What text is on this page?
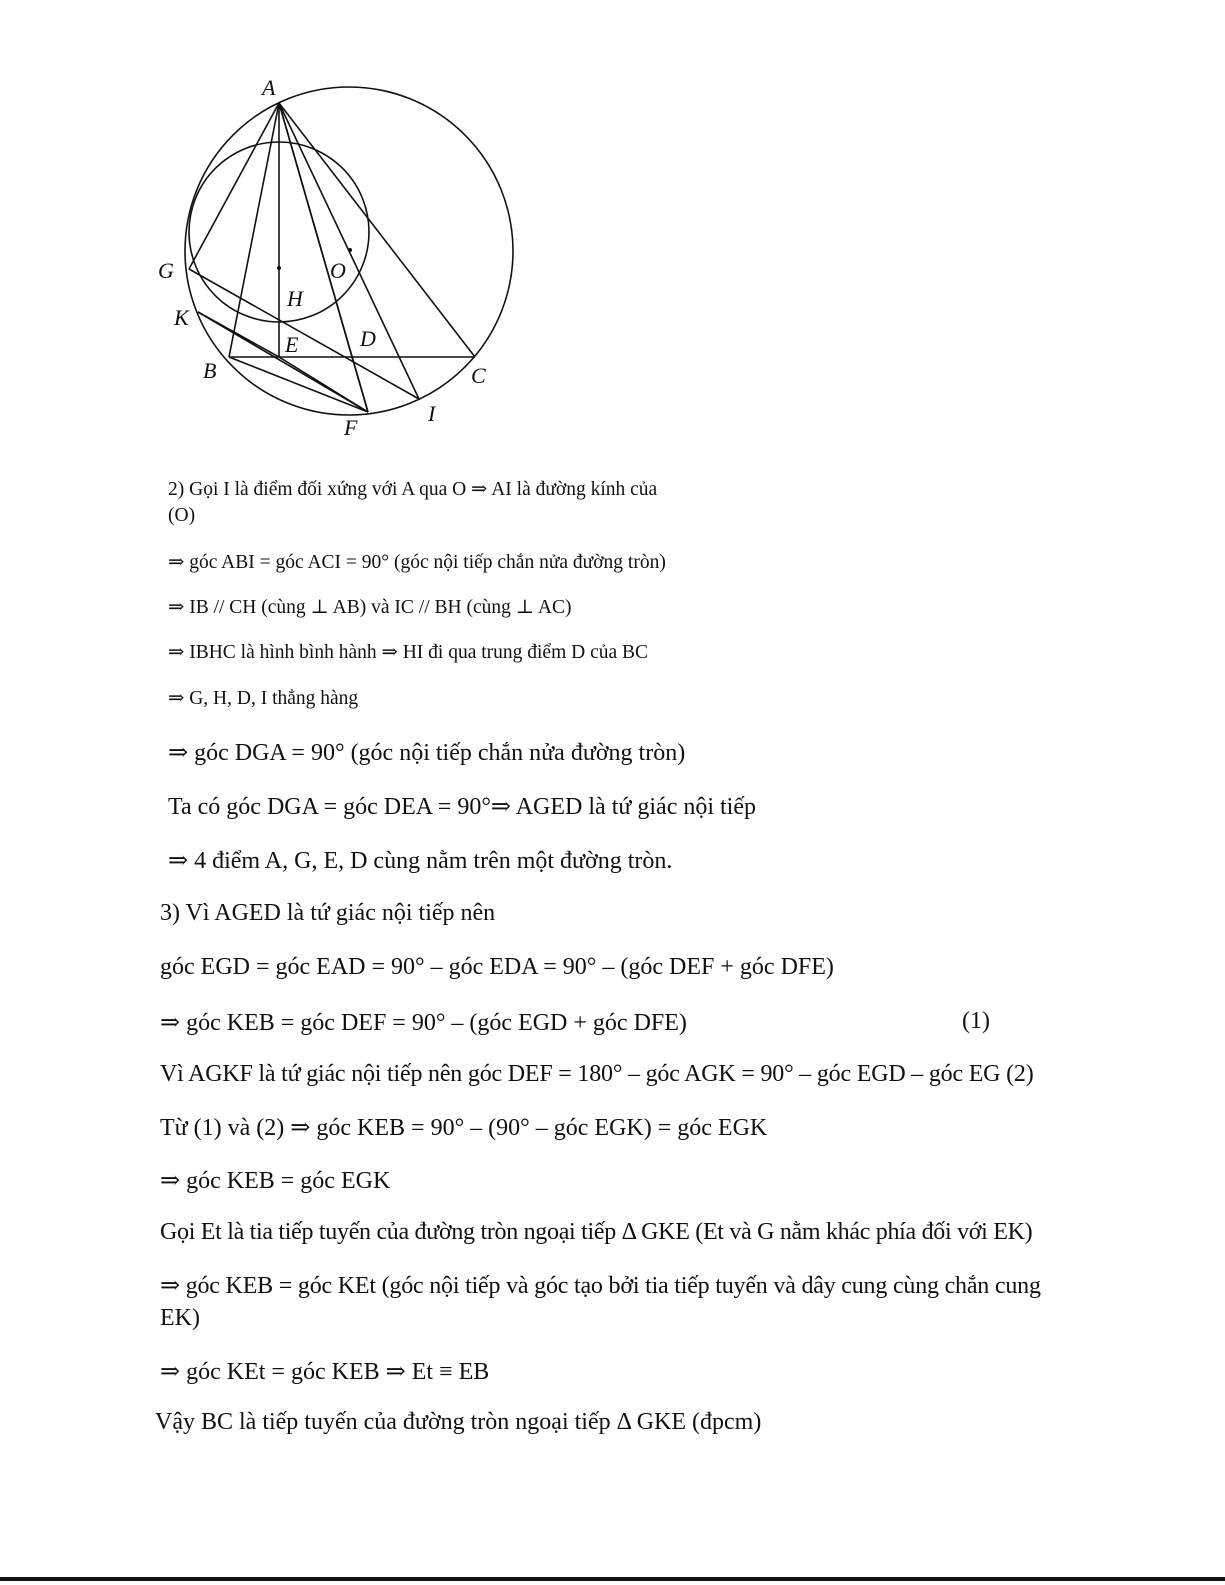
A
G	O
H
K
D
E
B	C
F
I

2) Gọi I là điểm đối xứng với A qua O ⇒ AI là đường kính của

(O)

⇒ góc ABI = góc ACI = 90° (góc nội tiếp chắn nửa đường tròn)

⇒ IB // CH (cùng ⊥ AB) và IC // BH (cùng ⊥ AC)

⇒ IBHC là hình bình hành ⇒ HI đi qua trung điểm D của BC

⇒ G, H, D, I thẳng hàng

⇒ góc DGA = 90° (góc nội tiếp chắn nửa đường tròn)

Ta có góc DGA = góc DEA = 90°⇒ AGED là tứ giác nội tiếp

⇒ 4 điểm A, G, E, D cùng nằm trên một đường tròn.

3) Vì AGED là tứ giác nội tiếp nên

góc EGD = góc EAD = 90° – góc EDA = 90° – (góc DEF + góc DFE)

⇒ góc KEB = góc DEF = 90° – (góc EGD + góc DFE)	(1)

Vì AGKF là tứ giác nội tiếp nên góc DEF = 180° – góc AGK = 90° – góc EGD – góc EG (2)

Từ (1) và (2) ⇒ góc KEB = 90° – (90° – góc EGK) = góc EGK

⇒ góc KEB = góc EGK

Gọi Et là tia tiếp tuyến của đường tròn ngoại tiếp Δ GKE (Et và G nằm khác phía đối với EK)

⇒ góc KEB = góc KEt (góc nội tiếp và góc tạo bởi tia tiếp tuyến và dây cung cùng chắn cung

EK)

⇒ góc KEt = góc KEB ⇒ Et ≡ EB

Vậy BC là tiếp tuyến của đường tròn ngoại tiếp Δ GKE (đpcm)
